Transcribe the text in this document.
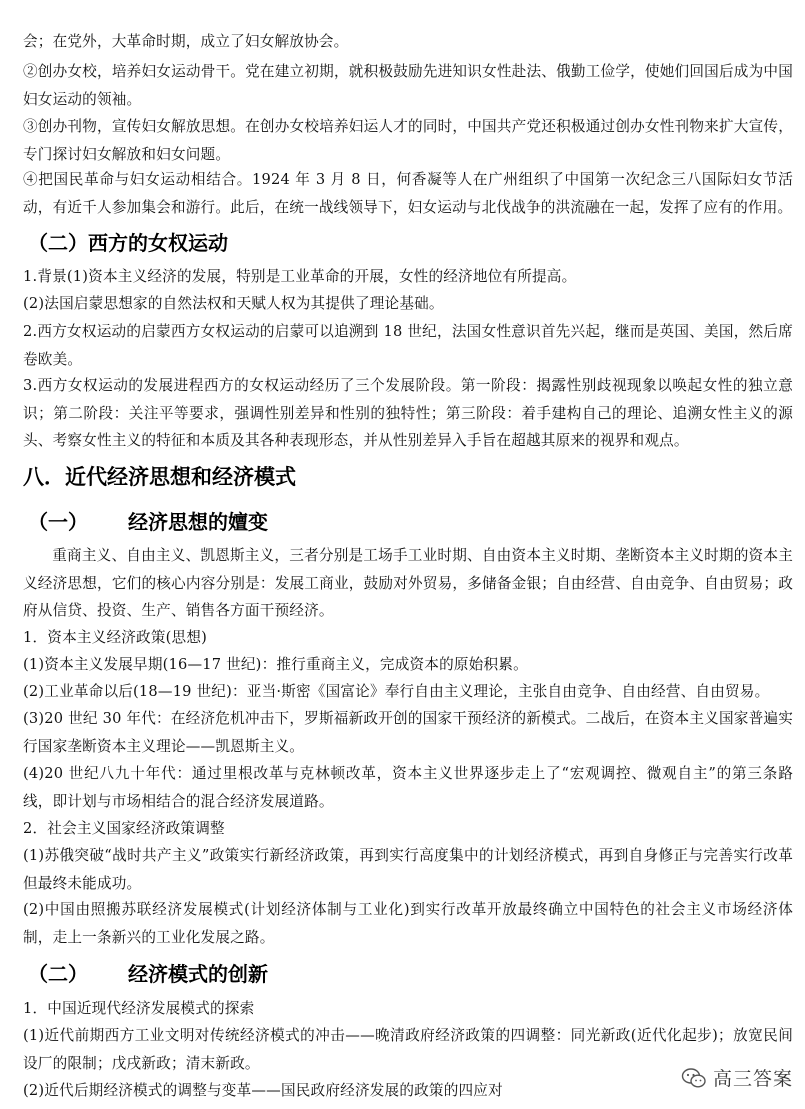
会；在党外，大革命时期，成立了妇女解放协会。

②创办女校，培养妇女运动骨干。党在建立初期，就积极鼓励先进知识女性赴法、俄勤工俭学，使她们回国后成为中国妇女运动的领袖。

③创办刊物，宣传妇女解放思想。在创办女校培养妇运人才的同时，中国共产党还积极通过创办女性刊物来扩大宣传，专门探讨妇女解放和妇女问题。

④把国民革命与妇女运动相结合。1924 年 3 月 8 日，何香凝等人在广州组织了中国第一次纪念三八国际妇女节活动，有近千人参加集会和游行。此后，在统一战线领导下，妇女运动与北伐战争的洪流融在一起，发挥了应有的作用。

（二）西方的女权运动

1.背景(1)资本主义经济的发展，特别是工业革命的开展，女性的经济地位有所提高。

(2)法国启蒙思想家的自然法权和天赋人权为其提供了理论基础。

2.西方女权运动的启蒙西方女权运动的启蒙可以追溯到 18 世纪，法国女性意识首先兴起，继而是英国、美国，然后席卷欧美。

3.西方女权运动的发展进程西方的女权运动经历了三个发展阶段。第一阶段：揭露性别歧视现象以唤起女性的独立意识；第二阶段：关注平等要求，强调性别差异和性别的独特性；第三阶段：着手建构自己的理论、追溯女性主义的源头、考察女性主义的特征和本质及其各种表现形态，并从性别差异入手旨在超越其原来的视界和观点。

八．近代经济思想和经济模式
（一） 经济思想的嬗变

重商主义、自由主义、凯恩斯主义，三者分别是工场手工业时期、自由资本主义时期、垄断资本主义时期的资本主义经济思想，它们的核心内容分别是：发展工商业，鼓励对外贸易，多储备金银；自由经营、自由竞争、自由贸易；政府从信贷、投资、生产、销售各方面干预经济。

1．资本主义经济政策(思想)

(1)资本主义发展早期(16—17 世纪)：推行重商主义，完成资本的原始积累。

(2)工业革命以后(18—19 世纪)：亚当·斯密《国富论》奉行自由主义理论，主张自由竞争、自由经营、自由贸易。

(3)20 世纪 30 年代：在经济危机冲击下，罗斯福新政开创的国家干预经济的新模式。二战后，在资本主义国家普遍实行国家垄断资本主义理论——凯恩斯主义。

(4)20 世纪八九十年代：通过里根改革与克林顿改革，资本主义世界逐步走上了“宏观调控、微观自主”的第三条路线，即计划与市场相结合的混合经济发展道路。

2．社会主义国家经济政策调整

(1)苏俄突破“战时共产主义”政策实行新经济政策，再到实行高度集中的计划经济模式，再到自身修正与完善实行改革但最终未能成功。

(2)中国由照搬苏联经济发展模式(计划经济体制与工业化)到实行改革开放最终确立中国特色的社会主义市场经济体制，走上一条新兴的工业化发展之路。

（二） 经济模式的创新

1．中国近现代经济发展模式的探索

(1)近代前期西方工业文明对传统经济模式的冲击——晚清政府经济政策的四调整：同光新政(近代化起步)；放宽民间设厂的限制；戊戌新政；清末新政。

(2)近代后期经济模式的调整与变革——国民政府经济发展的政策的四应对

高三答案
